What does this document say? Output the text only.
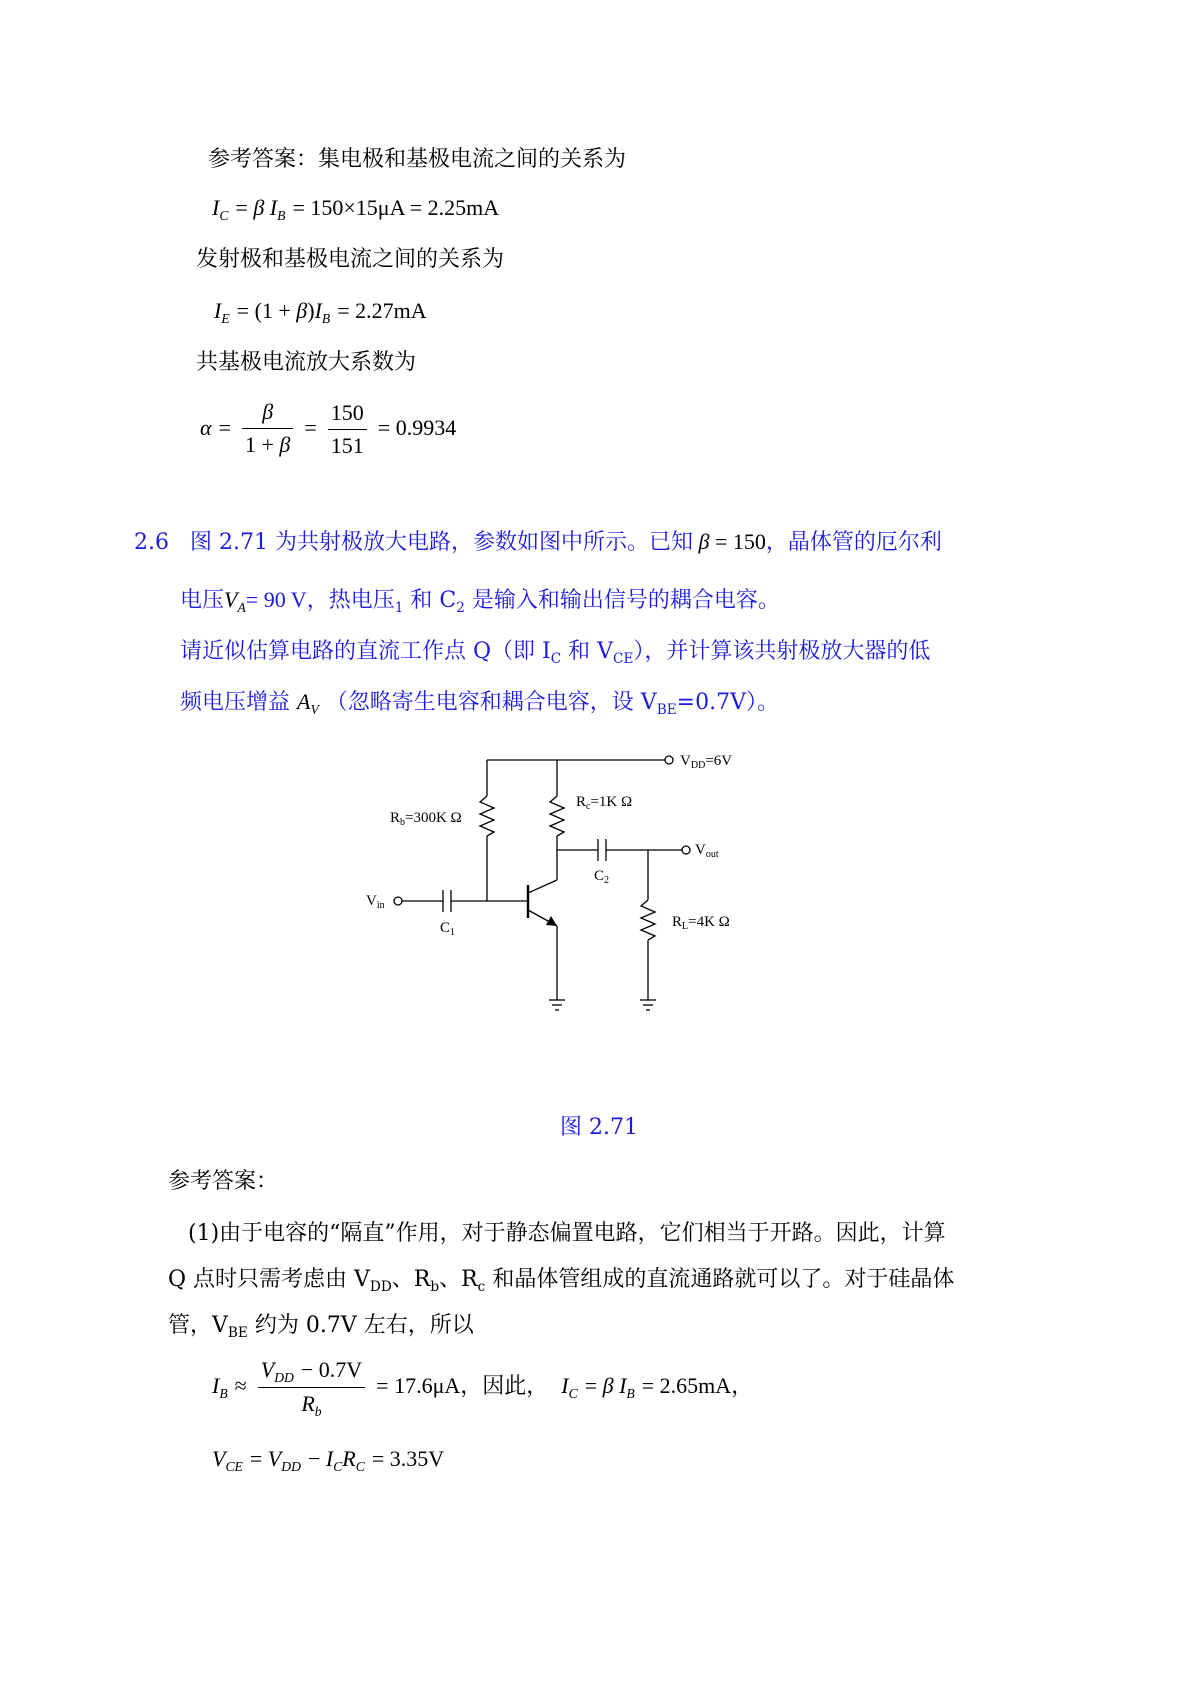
参考答案：集电极和基极电流之间的关系为
$I_C = \beta$ $I_B = 150\times 15\mu A = 2.25mA$
发射极和基极电流之间的关系为
$I_E = (1 + \beta)I_B = 2.27mA$
共基极电流放大系数为
$\alpha = \frac{\beta}{1 + \beta} = \frac{150}{151} = 0.9934$
2.6 图 2.71 为共射极放大电路，参数如图中所示。已知 β = 150，晶体管的厄尔利
电压$V_A= 90$ V，热电压$_1$ 和 $C_2$ 是输入和输出信号的耦合电容。
请近似估算电路的直流工作点 Q（即 $I_C$ 和 $V_{CE}$），并计算该共射极放大器的低
频电压增益 $A_V$ （忽略寄生电容和耦合电容，设 $V_{BE}=0.7V$）。
$V_{DD}=6V$
$R_c=1K$ Ω
$R_b=300K$ Ω
$V_{out}$
$C_2$
$V_{in}$
$C_1$
$R_L=4K$ Ω
图 2.71
参考答案：
(1)由于电容的“隔直”作用，对于静态偏置电路，它们相当于开路。因此，计算
Q 点时只需考虑由 $V_{DD}$、$R_b$、$R_c$ 和晶体管组成的直流通路就可以了。对于硅晶体
管，$V_{BE}$ 约为 0.7V 左右，所以
$I_B \approx \frac{V_{DD} - 0.7V}{R_b} = 17.6\mu A$，因此， $I_C = \beta$ $I_B = 2.65mA$，
$V_{CE} = V_{DD} - I_CR_C = 3.35V$
